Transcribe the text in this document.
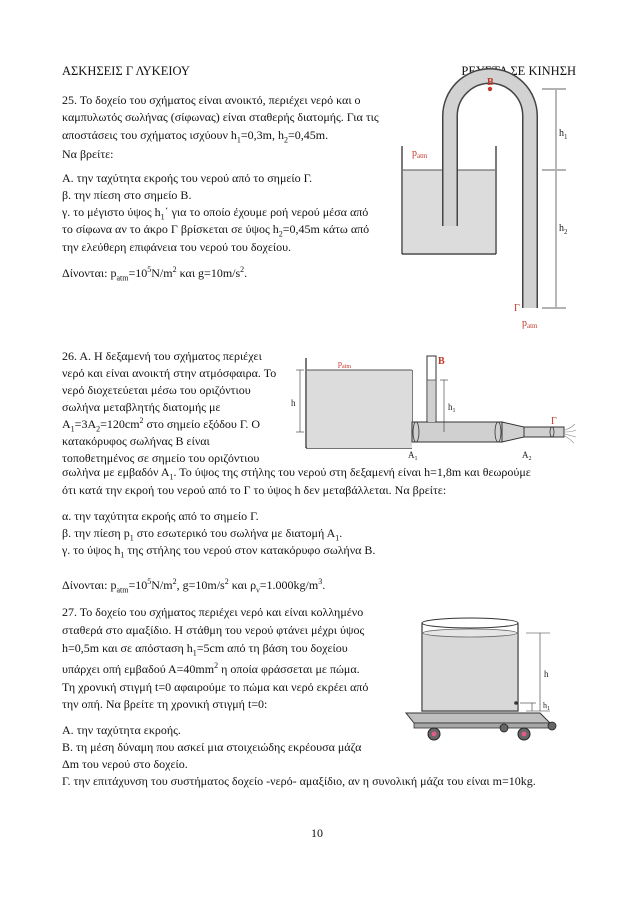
ΑΣΚΗΣΕΙΣ Γ ΛΥΚΕΙΟΥ	ΡΕΥΣΤΑ ΣΕ ΚΙΝΗΣΗ
25. Το δοχείο του σχήματος είναι ανοικτό, περιέχει νερό και ο
καμπυλωτός σωλήνας (σίφωνας) είναι σταθερής διατομής. Για τις
αποστάσεις του σχήματος ισχύουν $h_1=0,3m$, $h_2=0,45m$.
Να βρείτε:
Α. την ταχύτητα εκροής του νερού από το σημείο Γ.
β. την πίεση στο σημείο Β.
γ. το μέγιστο ύψος $h_1΄$ για το οποίο έχουμε ροή νερού μέσα από
το σίφωνα αν το άκρο Γ βρίσκεται σε ύψος $h_2=0,45m$ κάτω από
την ελεύθερη επιφάνεια του νερού του δοχείου.
Δίνονται: $p_{atm}=10^5N/m^2$ και $g=10m/s^2$.
Β
$h_1$
$h_2$
$p_{atm}$
Γ
$p_{atm}$
26. Α. Η δεξαμενή του σχήματος περιέχει
νερό και είναι ανοικτή στην ατμόσφαιρα. Το
νερό διοχετεύεται μέσω του οριζόντιου
σωλήνα μεταβλητής διατομής με
$A_1=3A_2=120cm^2$ στο σημείο εξόδου Γ. Ο
κατακόρυφος σωλήνας Β είναι
τοποθετημένος σε σημείο του οριζόντιου
σωλήνα με εμβαδόν $A_1$. Το ύψος της στήλης του νερού στη δεξαμενή είναι h=1,8m και θεωρούμε
ότι κατά την εκροή του νερού από το Γ το ύψος h δεν μεταβάλλεται. Να βρείτε:
α. την ταχύτητα εκροής από το σημείο Γ.
β. την πίεση $p_1$ στο εσωτερικό του σωλήνα με διατομή $A_1$.
γ. το ύψος $h_1$ της στήλης του νερού στον κατακόρυφο σωλήνα Β.
Δίνονται: $p_{atm}=10^5N/m^2$, $g=10m/s^2$ και $\rho_\nu=1.000kg/m^3$.
$p_{atm}$	Β
h	$h_1$
$A_1$	$A_2$
Γ
27. Το δοχείο του σχήματος περιέχει νερό και είναι κολλημένο
σταθερά στο αμαξίδιο. Η στάθμη του νερού φτάνει μέχρι ύψος
h=0,5m και σε απόσταση $h_1=5cm$ από τη βάση του δοχείου
υπάρχει οπή εμβαδού $A=40mm^2$ η οποία φράσσεται με πώμα.
Τη χρονική στιγμή t=0 αφαιρούμε το πώμα και νερό εκρέει από
την οπή. Να βρείτε τη χρονική στιγμή t=0:
Α. την ταχύτητα εκροής.
Β. τη μέση δύναμη που ασκεί μια στοιχειώδης εκρέουσα μάζα
Δm του νερού στο δοχείο.
Γ. την επιτάχυνση του συστήματος δοχείο -νερό- αμαξίδιο, αν η συνολική μάζα του είναι m=10kg.
h
$h_1$
10
